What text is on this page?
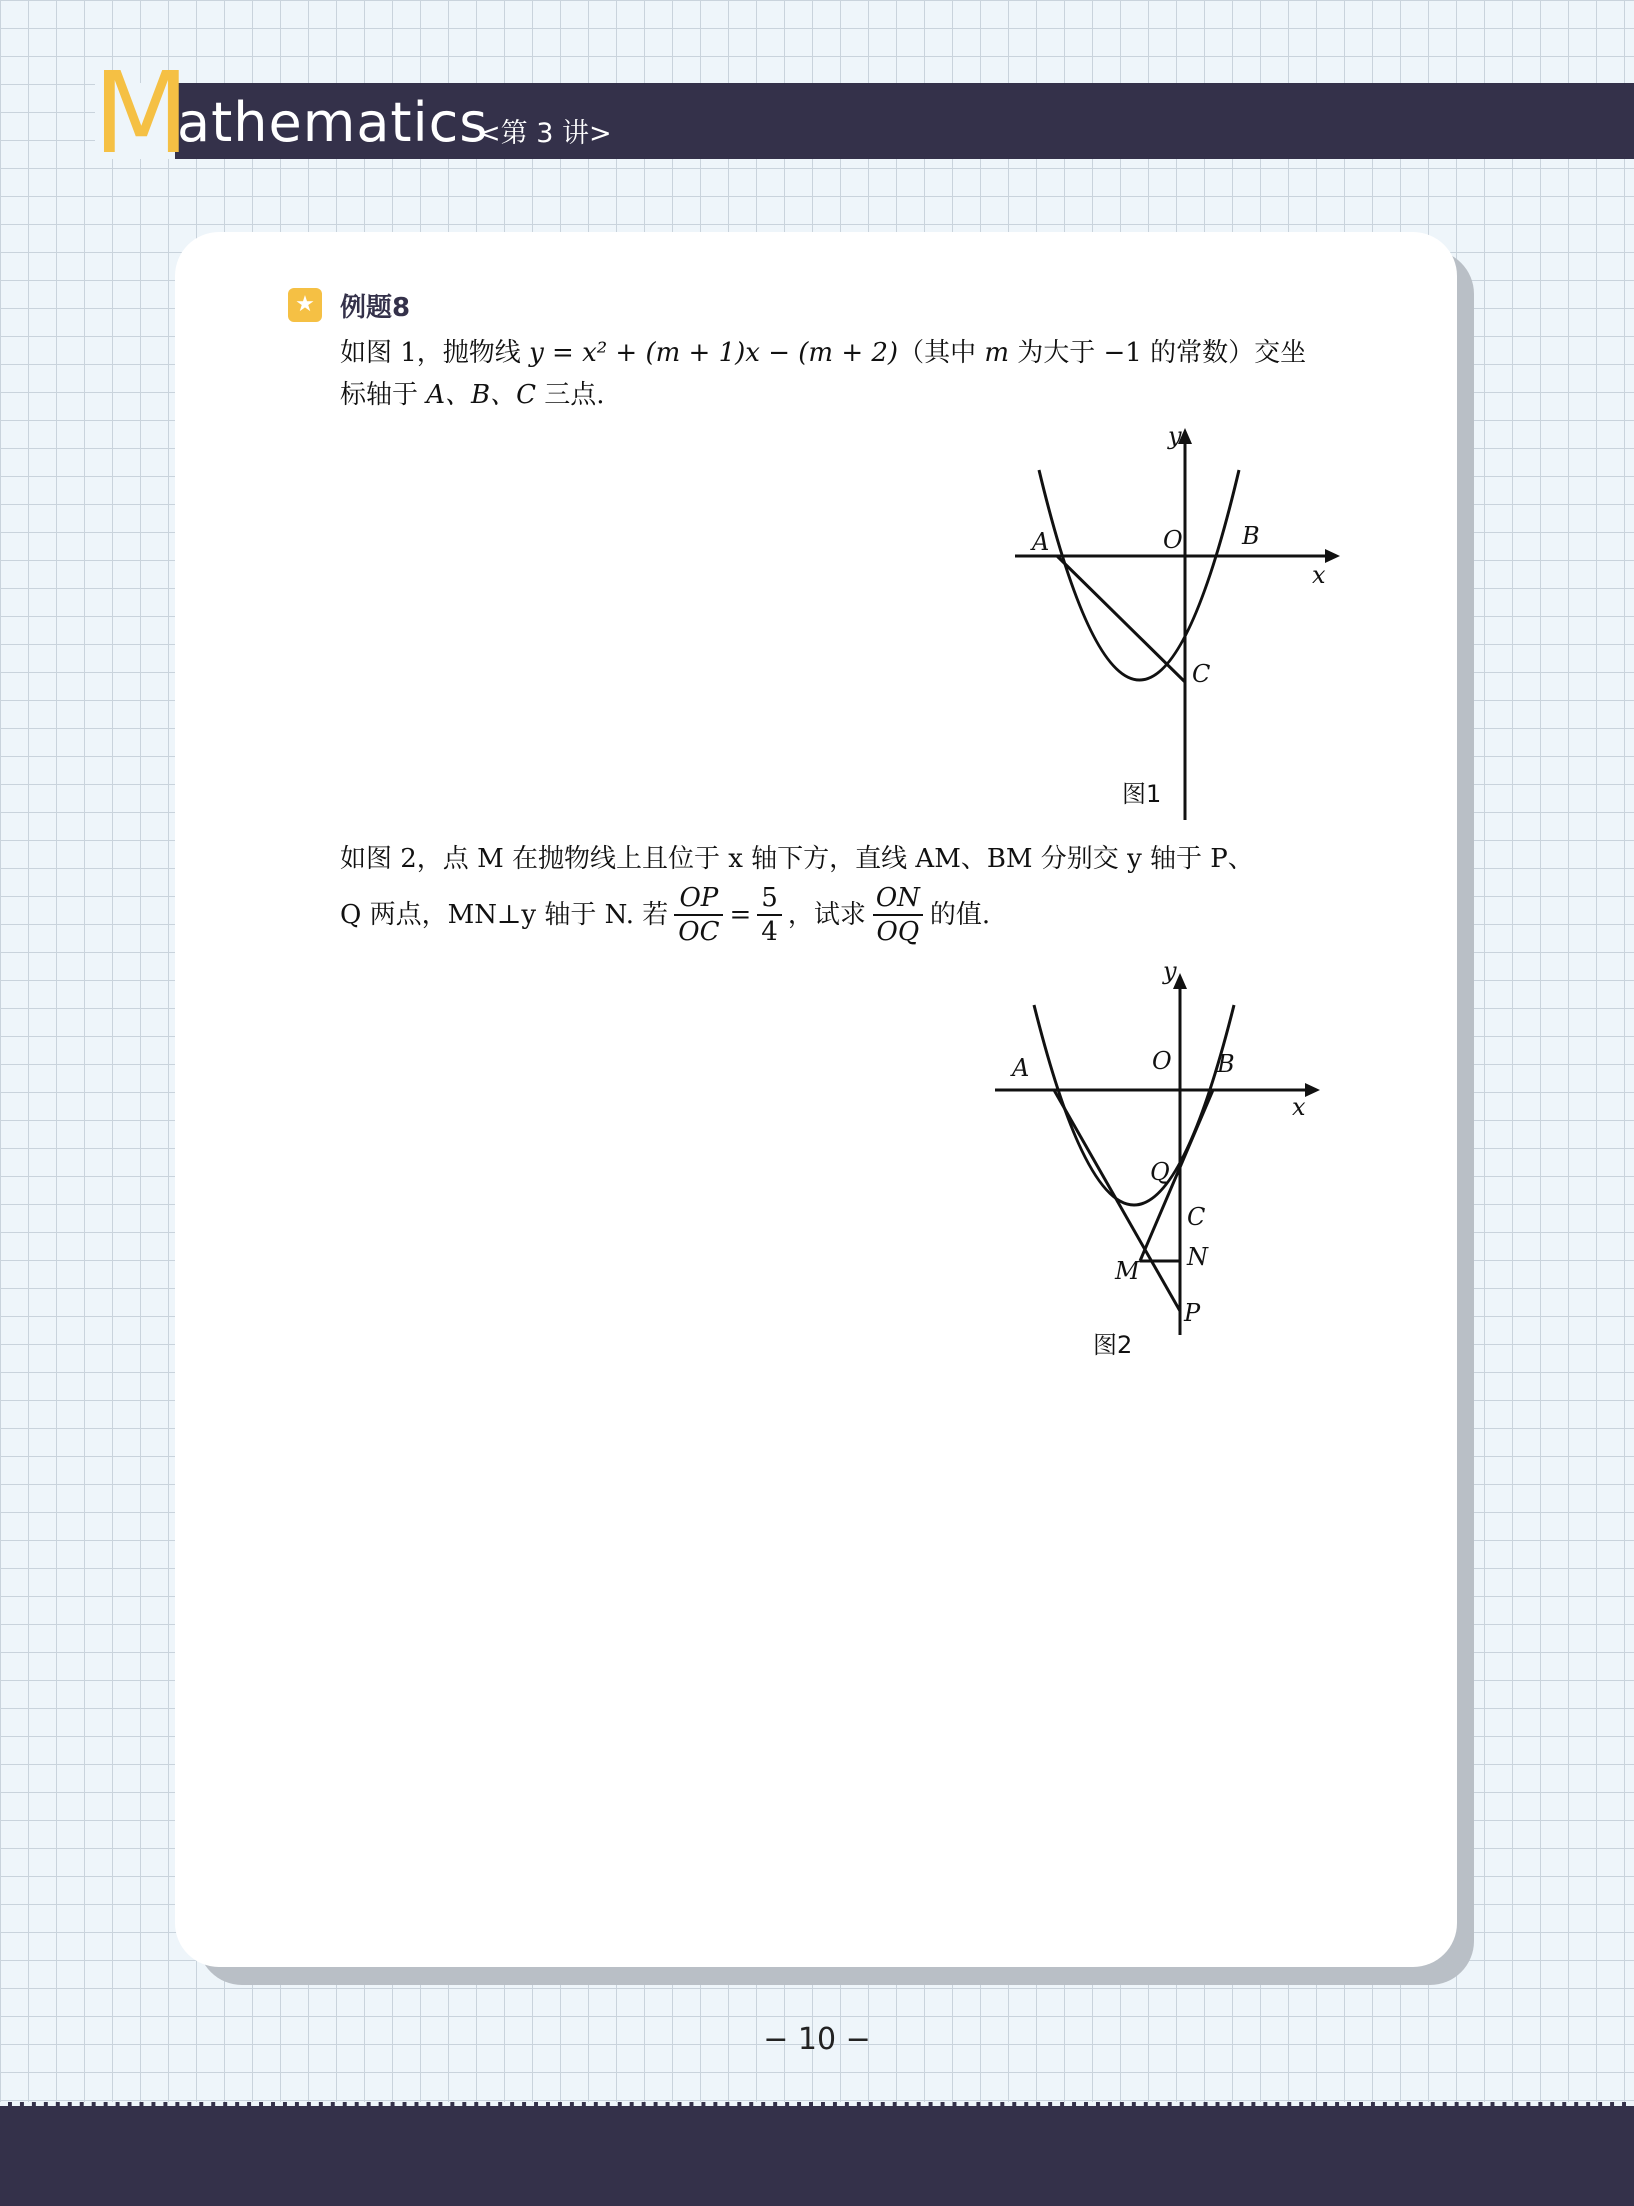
M
athematics
<第 3 讲>
★ 例题8
如图 1，抛物线 y = x² + (m + 1)x − (m + 2)（其中 m 为大于 −1 的常数）交坐
标轴于 A、B、C 三点.
y
x
O
A	B
C
图1
如图 2，点 M 在抛物线上且位于 x 轴下方，直线 AM、BM 分别交 y 轴于 P、
Q 两点，MN⊥y 轴于 N. 若 $\frac{OP}{OC} = \frac{5}{4}$ ，试求 $\frac{ON}{OQ}$ 的值.
y
x
O
A	B
Q
C
N
M
P
图2
− 10 −
